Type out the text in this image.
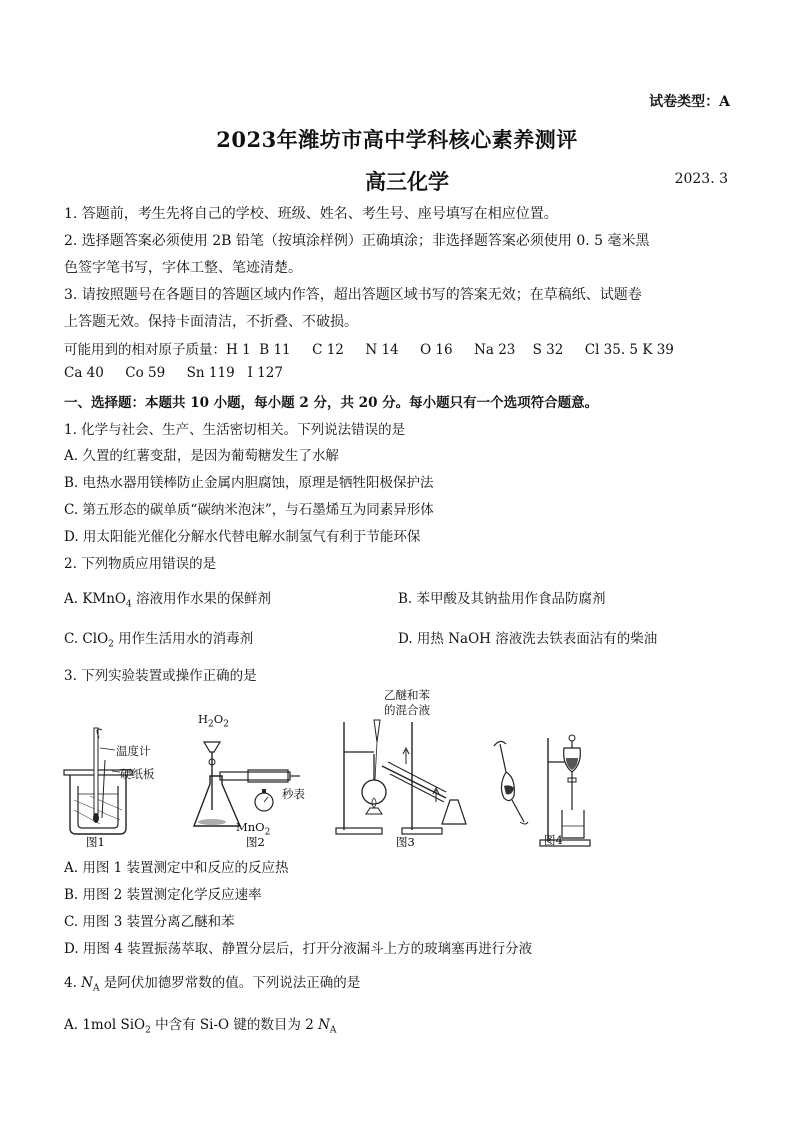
试卷类型：A
2023年潍坊市高中学科核心素养测评
高三化学	2023. 3
1. 答题前，考生先将自己的学校、班级、姓名、考生号、座号填写在相应位置。
2. 选择题答案必须使用 2B 铅笔（按填涂样例）正确填涂；非选择题答案必须使用 0. 5 毫米黑
色签字笔书写，字体工整、笔迹清楚。
3. 请按照题号在各题目的答题区域内作答，超出答题区域书写的答案无效；在草稿纸、试题卷
上答题无效。保持卡面清洁，不折叠、不破损。
可能用到的相对原子质量：H 1  B 11     C 12     N 14     O 16     Na 23    S 32     Cl 35. 5 K 39
Ca 40     Co 59     Sn 119   I 127
一、选择题：本题共 10 小题，每小题 2 分，共 20 分。每小题只有一个选项符合题意。
1. 化学与社会、生产、生活密切相关。下列说法错误的是
A. 久置的红薯变甜，是因为葡萄糖发生了水解
B. 电热水器用镁棒防止金属内胆腐蚀，原理是牺牲阳极保护法
C. 第五形态的碳单质“碳纳米泡沫”，与石墨烯互为同素异形体
D. 用太阳能光催化分解水代替电解水制氢气有利于节能环保
2. 下列物质应用错误的是
A. KMnO$_4$ 溶液用作水果的保鲜剂	B. 苯甲酸及其钠盐用作食品防腐剂
C. ClO$_2$ 用作生活用水的消毒剂	D. 用热 NaOH 溶液洗去铁表面沾有的柴油
3. 下列实验装置或操作正确的是
图1
温度计
硬纸板
图2
$H_2O_2$
秒表
MnO$_2$
图3
乙醚和苯
的混合液
图4
A. 用图 1 装置测定中和反应的反应热
B. 用图 2 装置测定化学反应速率
C. 用图 3 装置分离乙醚和苯
D. 用图 4 装置振荡萃取、静置分层后，打开分液漏斗上方的玻璃塞再进行分液
4. $N_A$ 是阿伏加德罗常数的值。下列说法正确的是
A. 1mol SiO$_2$ 中含有 Si-O 键的数目为 2 $N_A$
